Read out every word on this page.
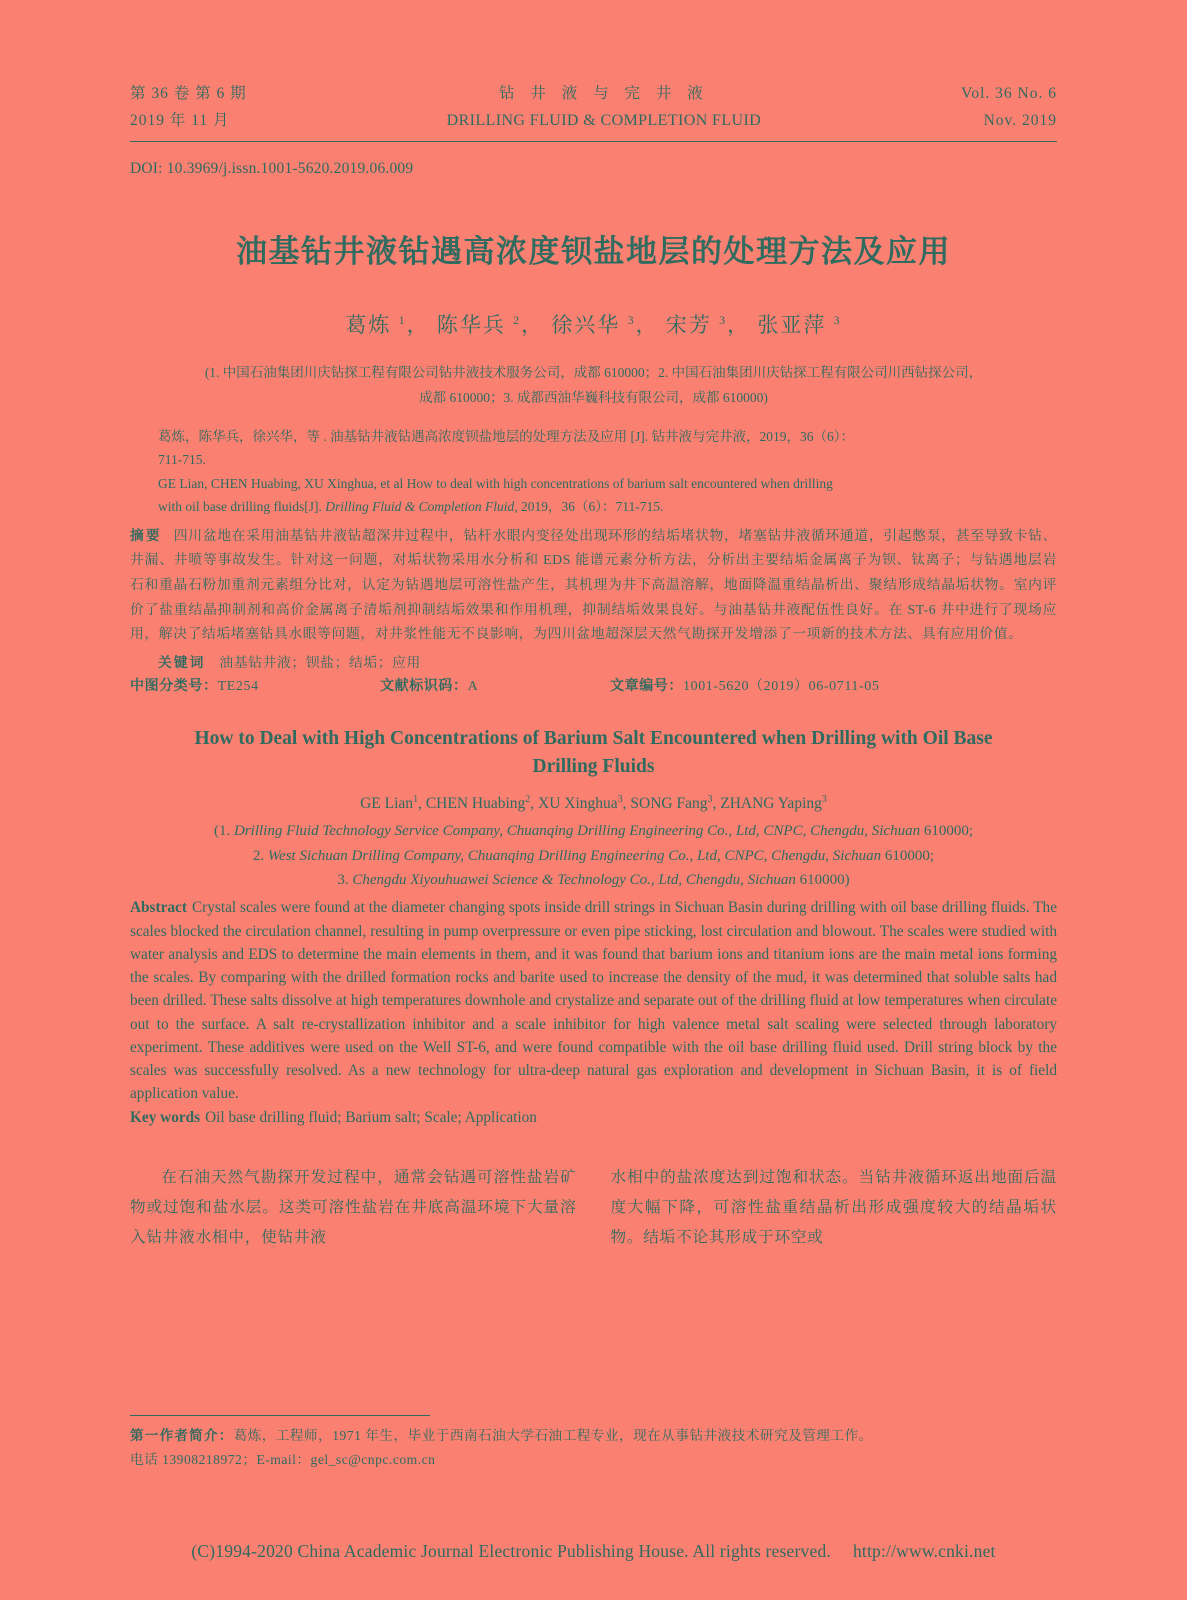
第 36 卷 第 6 期
2019 年 11 月
钻 井 液 与 完 井 液
DRILLING FLUID & COMPLETION FLUID
Vol. 36 No. 6
Nov. 2019
DOI: 10.3969/j.issn.1001-5620.2019.06.009
油基钻井液钻遇高浓度钡盐地层的处理方法及应用
葛炼 $^1$， 陈华兵 $^2$， 徐兴华 $^3$， 宋芳 $^3$， 张亚萍 $^3$
(1. 中国石油集团川庆钻探工程有限公司钻井液技术服务公司，成都 610000；2. 中国石油集团川庆钻探工程有限公司川西钻探公司，
成都 610000；3. 成都西油华巍科技有限公司，成都 610000)

葛炼，陈华兵，徐兴华，等 . 油基钻井液钻遇高浓度钡盐地层的处理方法及应用 [J]. 钻井液与完井液，2019，36（6）：

711-715.

GE Lian, CHEN Huabing, XU Xinghua, et al How to deal with high concentrations of barium salt encountered when drilling

with oil base drilling fluids[J]. Drilling Fluid & Completion Fluid, 2019，36（6）：711-715.

摘要 四川盆地在采用油基钻井液钻超深井过程中，钻杆水眼内变径处出现环形的结垢堵状物，堵塞钻井液循环通道，引起憋泵，甚至导致卡钻、井漏、井喷等事故发生。针对这一问题，对垢状物采用水分析和 EDS 能谱元素分析方法，分析出主要结垢金属离子为钡、钛离子；与钻遇地层岩石和重晶石粉加重剂元素组分比对，认定为钻遇地层可溶性盐产生，其机理为井下高温溶解，地面降温重结晶析出、聚结形成结晶垢状物。室内评价了盐重结晶抑制剂和高价金属离子清垢剂抑制结垢效果和作用机理，抑制结垢效果良好。与油基钻井液配伍性良好。在 ST-6 井中进行了现场应用，解决了结垢堵塞钻具水眼等问题，对井浆性能无不良影响，为四川盆地超深层天然气勘探开发增添了一项新的技术方法、具有应用价值。
关键词 油基钻井液；钡盐；结垢；应用
中图分类号：TE254	文献标识码：A	文章编号：1001-5620（2019）06-0711-05
How to Deal with High Concentrations of Barium Salt Encountered when Drilling with Oil Base
Drilling Fluids
GE Lian$^1$, CHEN Huabing$^2$, XU Xinghua$^3$, SONG Fang$^3$, ZHANG Yaping$^3$
(1. Drilling Fluid Technology Service Company, Chuanqing Drilling Engineering Co., Ltd, CNPC, Chengdu, Sichuan 610000;
2. West Sichuan Drilling Company, Chuanqing Drilling Engineering Co., Ltd, CNPC, Chengdu, Sichuan 610000;
3. Chengdu Xiyouhuawei Science & Technology Co., Ltd, Chengdu, Sichuan 610000)
Abstract Crystal scales were found at the diameter changing spots inside drill strings in Sichuan Basin during drilling with oil base drilling fluids. The scales blocked the circulation channel, resulting in pump overpressure or even pipe sticking, lost circulation and blowout. The scales were studied with water analysis and EDS to determine the main elements in them, and it was found that barium ions and titanium ions are the main metal ions forming the scales. By comparing with the drilled formation rocks and barite used to increase the density of the mud, it was determined that soluble salts had been drilled. These salts dissolve at high temperatures downhole and crystalize and separate out of the drilling fluid at low temperatures when circulate out to the surface. A salt re-crystallization inhibitor and a scale inhibitor for high valence metal salt scaling were selected through laboratory experiment. These additives were used on the Well ST-6, and were found compatible with the oil base drilling fluid used. Drill string block by the scales was successfully resolved. As a new technology for ultra-deep natural gas exploration and development in Sichuan Basin, it is of field application value.
Key words Oil base drilling fluid; Barium salt; Scale; Application

在石油天然气勘探开发过程中，通常会钻遇可溶性盐岩矿物或过饱和盐水层。这类可溶性盐岩在井底高温环境下大量溶入钻井液水相中，使钻井液

水相中的盐浓度达到过饱和状态。当钻井液循环返出地面后温度大幅下降，可溶性盐重结晶析出形成强度较大的结晶垢状物。结垢不论其形成于环空或

第一作者简介：葛炼，工程师，1971 年生，毕业于西南石油大学石油工程专业，现在从事钻井液技术研究及管理工作。
电话 13908218972；E-mail：gel_sc@cnpc.com.cn
(C)1994-2020 China Academic Journal Electronic Publishing House. All rights reserved. http://www.cnki.net
